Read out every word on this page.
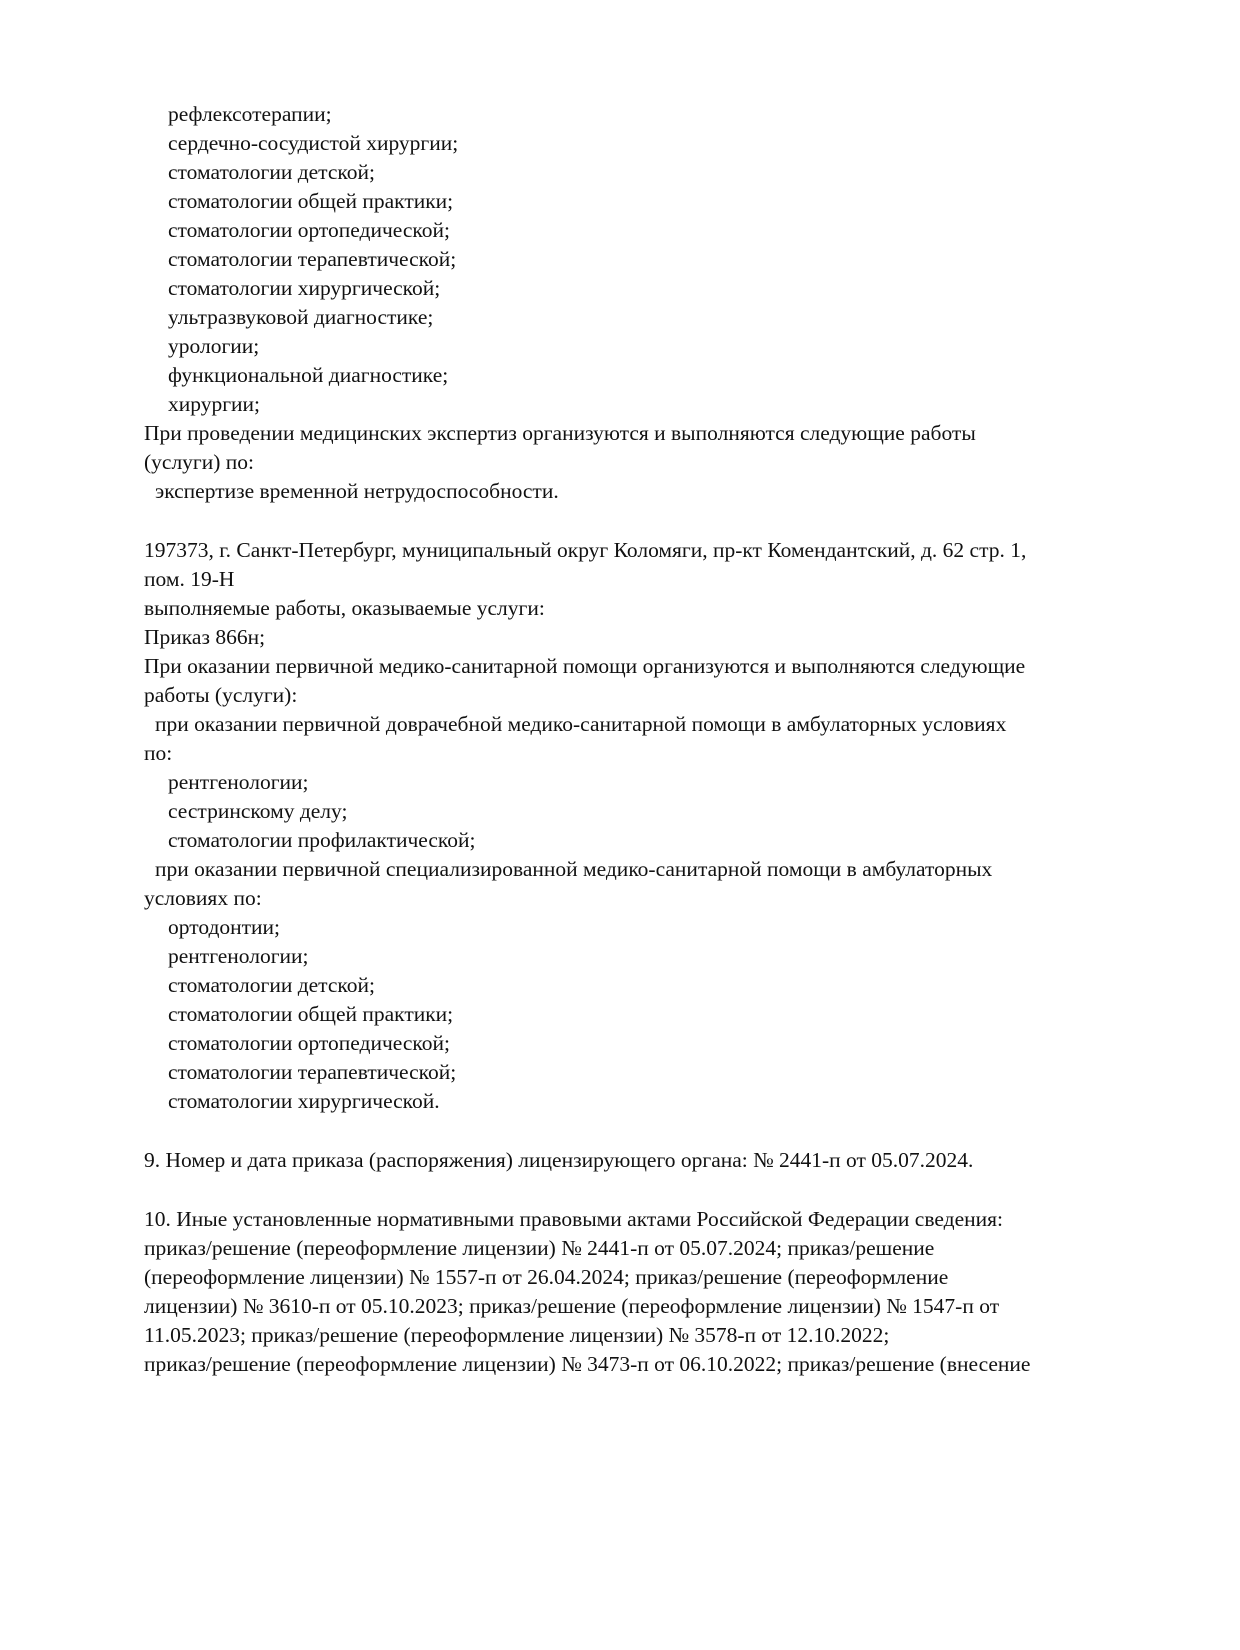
рефлексотерапии;

сердечно-сосудистой хирургии;

стоматологии детской;

стоматологии общей практики;

стоматологии ортопедической;

стоматологии терапевтической;

стоматологии хирургической;

ультразвуковой диагностике;

урологии;

функциональной диагностике;

хирургии;

При проведении медицинских экспертиз организуются и выполняются следующие работы

(услуги) по:

экспертизе временной нетрудоспособности.

197373, г. Санкт-Петербург, муниципальный округ Коломяги, пр-кт Комендантский, д. 62 стр. 1,

пом. 19-Н

выполняемые работы, оказываемые услуги:

Приказ 866н;

При оказании первичной медико-санитарной помощи организуются и выполняются следующие

работы (услуги):

при оказании первичной доврачебной медико-санитарной помощи в амбулаторных условиях

по:

рентгенологии;

сестринскому делу;

стоматологии профилактической;

при оказании первичной специализированной медико-санитарной помощи в амбулаторных

условиях по:

ортодонтии;

рентгенологии;

стоматологии детской;

стоматологии общей практики;

стоматологии ортопедической;

стоматологии терапевтической;

стоматологии хирургической.

9. Номер и дата приказа (распоряжения) лицензирующего органа: № 2441-п от 05.07.2024.

10. Иные установленные нормативными правовыми актами Российской Федерации сведения:

приказ/решение (переоформление лицензии) № 2441-п от 05.07.2024; приказ/решение

(переоформление лицензии) № 1557-п от 26.04.2024; приказ/решение (переоформление

лицензии) № 3610-п от 05.10.2023; приказ/решение (переоформление лицензии) № 1547-п от

11.05.2023; приказ/решение (переоформление лицензии) № 3578-п от 12.10.2022;

приказ/решение (переоформление лицензии) № 3473-п от 06.10.2022; приказ/решение (внесение
